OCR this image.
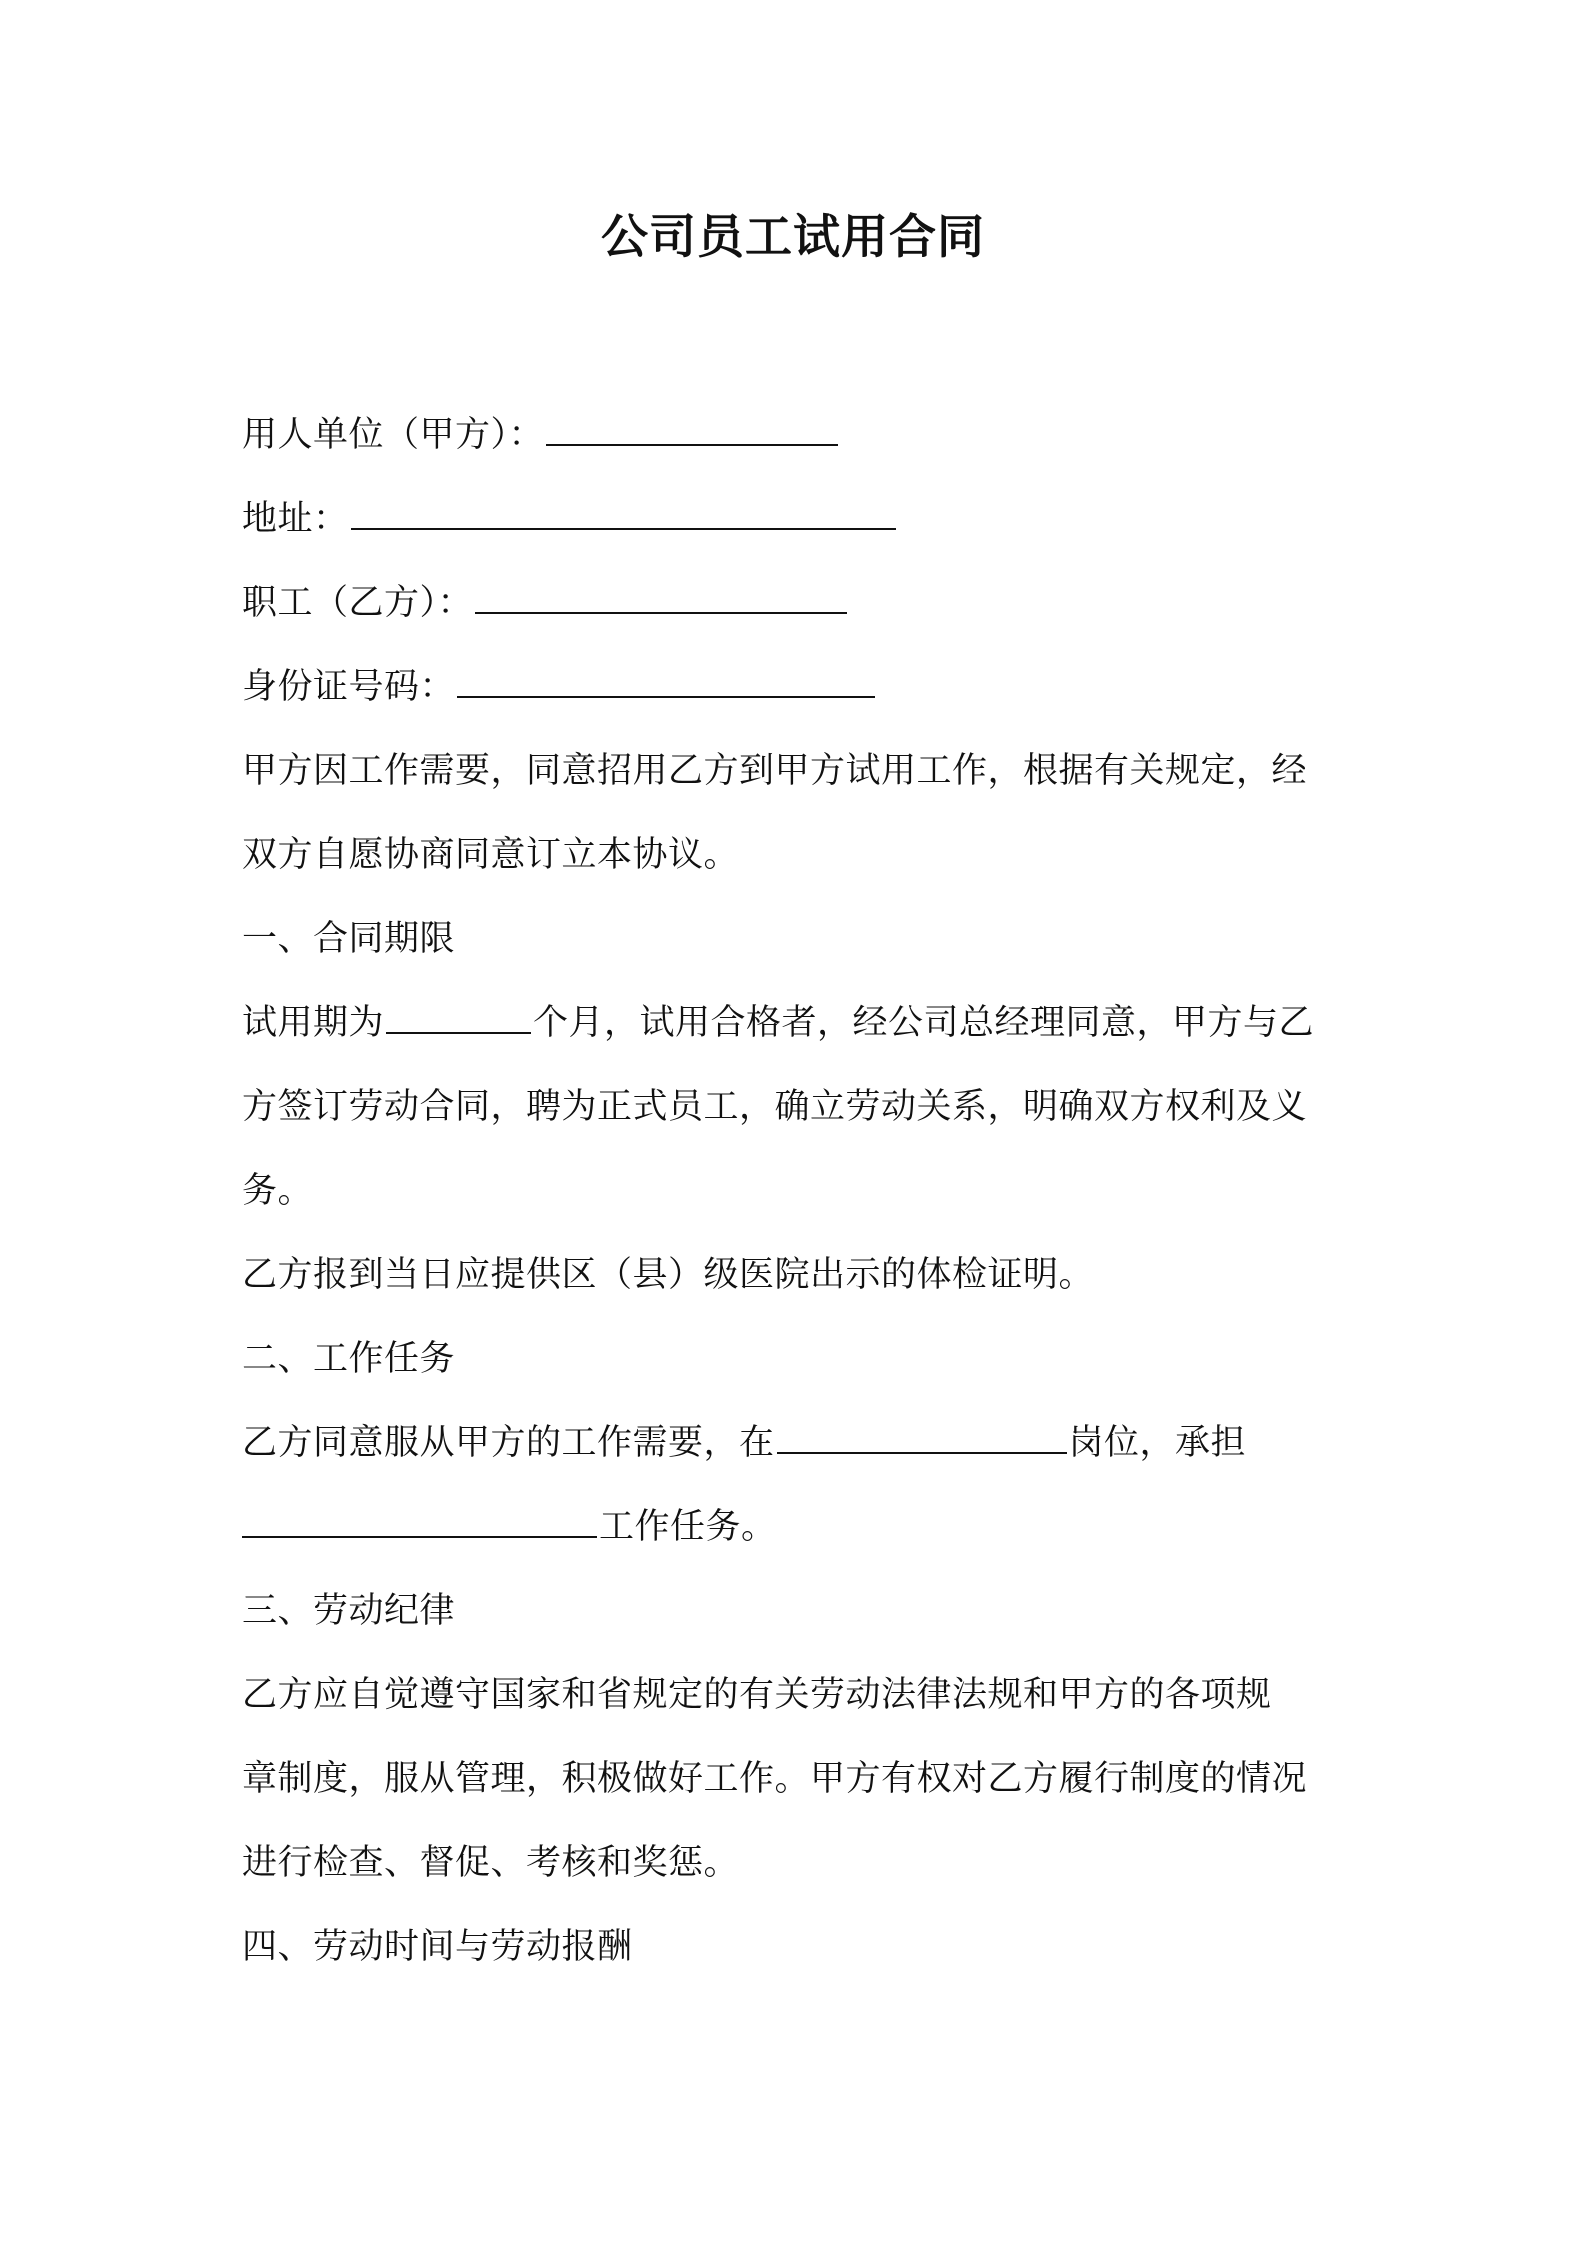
公司员工试用合同
用人单位（甲方）：
地址：
职工（乙方）：
身份证号码：
甲方因工作需要，同意招用乙方到甲方试用工作，根据有关规定，经
双方自愿协商同意订立本协议。
一、合同期限
试用期为	个月，试用合格者，经公司总经理同意，甲方与乙
方签订劳动合同，聘为正式员工，确立劳动关系，明确双方权利及义
务。
乙方报到当日应提供区（县）级医院出示的体检证明。
二、工作任务
乙方同意服从甲方的工作需要，在	岗位，承担
工作任务。
三、劳动纪律
乙方应自觉遵守国家和省规定的有关劳动法律法规和甲方的各项规
章制度，服从管理，积极做好工作。甲方有权对乙方履行制度的情况
进行检查、督促、考核和奖惩。
四、劳动时间与劳动报酬
